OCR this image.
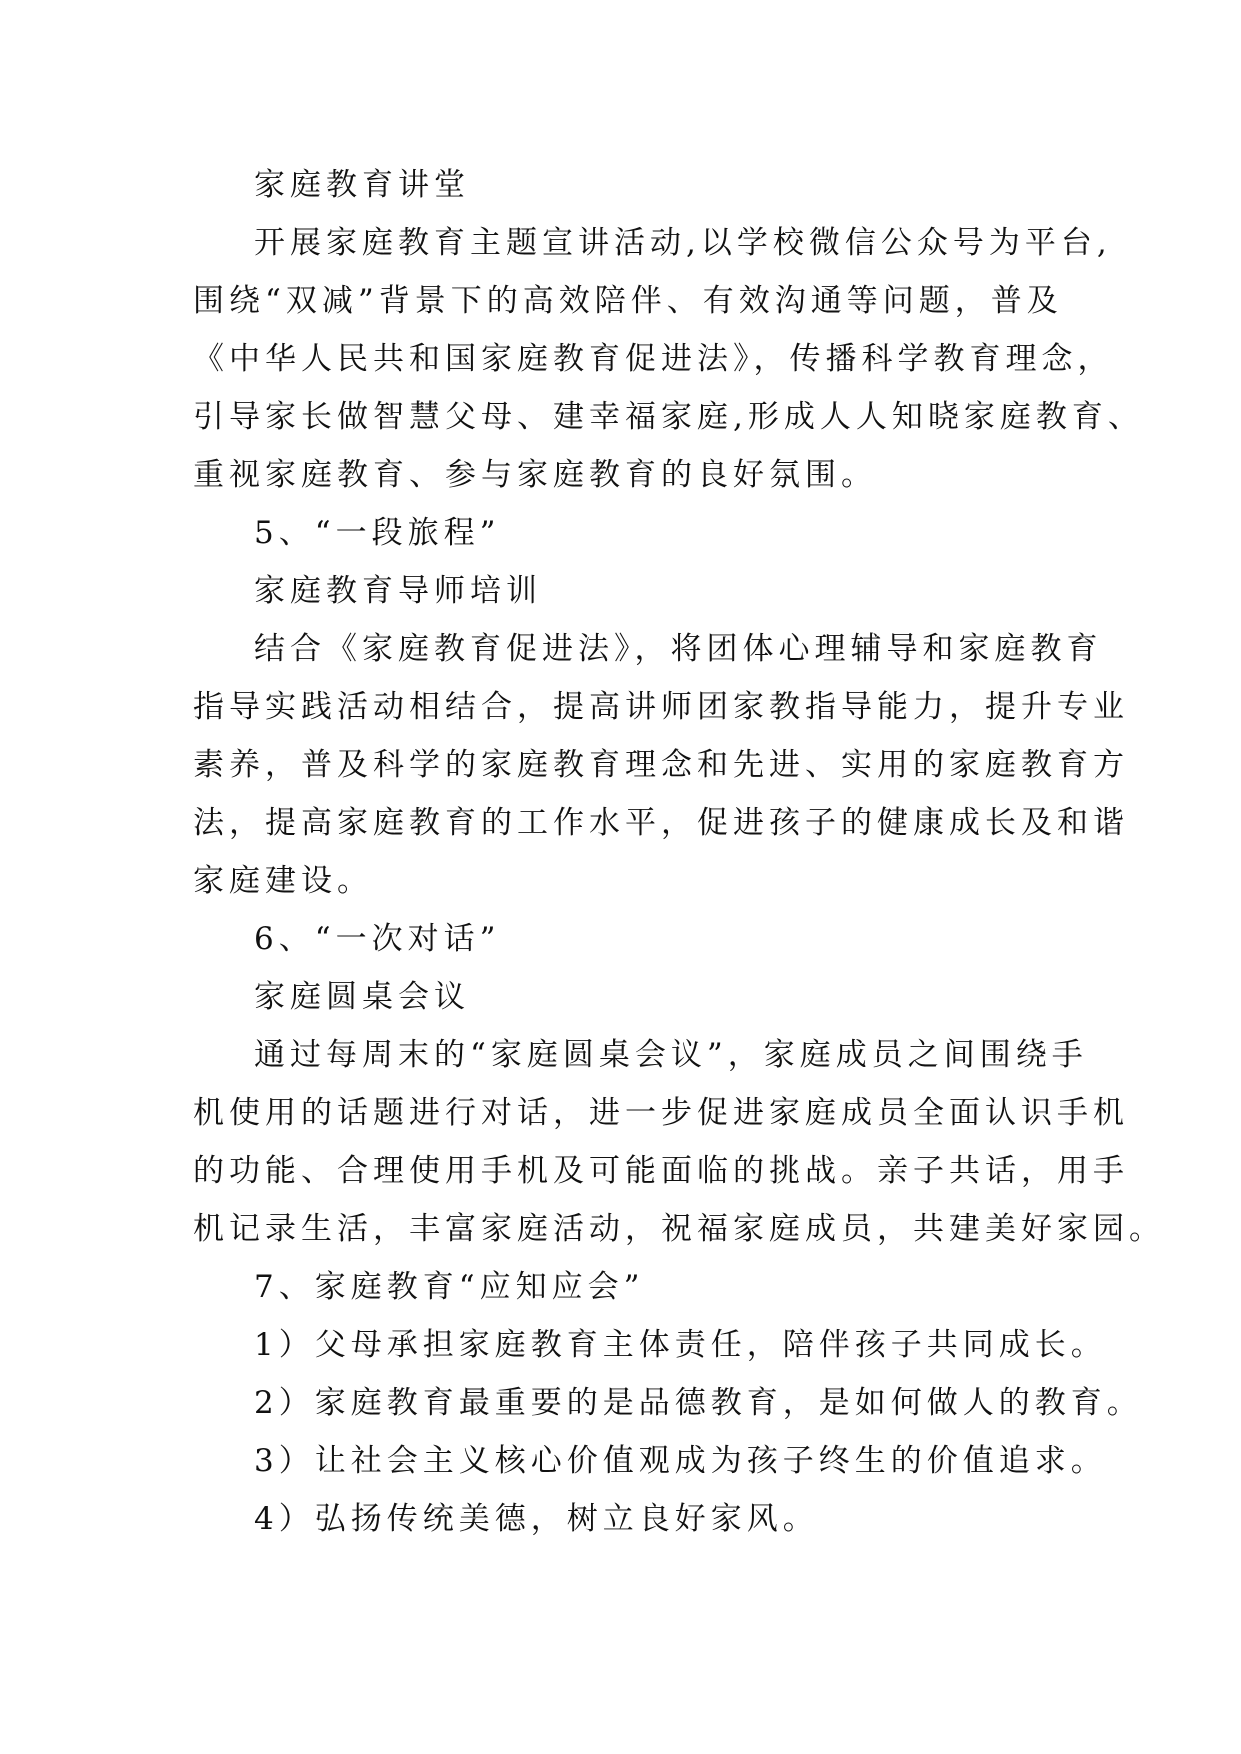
家庭教育讲堂
开展家庭教育主题宣讲活动,以学校微信公众号为平台,
围绕“双减”背景下的高效陪伴、有效沟通等问题，普及
《中华人民共和国家庭教育促进法》，传播科学教育理念，
引导家长做智慧父母、建幸福家庭,形成人人知晓家庭教育、
重视家庭教育、参与家庭教育的良好氛围。
5、“一段旅程”
家庭教育导师培训
结合《家庭教育促进法》，将团体心理辅导和家庭教育
指导实践活动相结合，提高讲师团家教指导能力，提升专业
素养，普及科学的家庭教育理念和先进、实用的家庭教育方
法，提高家庭教育的工作水平，促进孩子的健康成长及和谐
家庭建设。
6、“一次对话”
家庭圆桌会议
通过每周末的“家庭圆桌会议”，家庭成员之间围绕手
机使用的话题进行对话，进一步促进家庭成员全面认识手机
的功能、合理使用手机及可能面临的挑战。亲子共话，用手
机记录生活，丰富家庭活动，祝福家庭成员，共建美好家园。
7、家庭教育“应知应会”
1）父母承担家庭教育主体责任，陪伴孩子共同成长。
2）家庭教育最重要的是品德教育，是如何做人的教育。
3）让社会主义核心价值观成为孩子终生的价值追求。
4）弘扬传统美德，树立良好家风。
